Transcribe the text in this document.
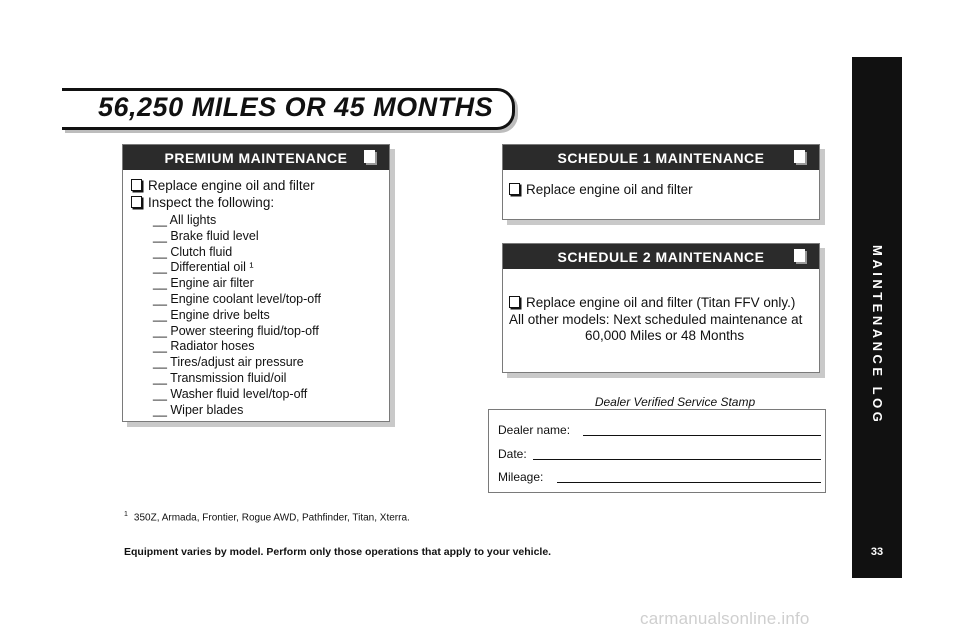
56,250 MILES OR 45 MONTHS
PREMIUM MAINTENANCE
Replace engine oil and filter
Inspect the following:
__ All lights
__ Brake fluid level
__ Clutch fluid
__ Differential oil ¹
__ Engine air filter
__ Engine coolant level/top-off
__ Engine drive belts
__ Power steering fluid/top-off
__ Radiator hoses
__ Tires/adjust air pressure
__ Transmission fluid/oil
__ Washer fluid level/top-off
__ Wiper blades
SCHEDULE 1 MAINTENANCE
Replace engine oil and filter
SCHEDULE 2 MAINTENANCE
Replace engine oil and filter (Titan FFV only.)
All other models: Next scheduled maintenance at
60,000 Miles or 48 Months
Dealer Verified Service Stamp
Dealer name:
Date:
Mileage:
$^1$ 350Z, Armada, Frontier, Rogue AWD, Pathfinder, Titan, Xterra.
Equipment varies by model. Perform only those operations that apply to your vehicle.
MAINTENANCE LOG
33
carmanualsonline.info
